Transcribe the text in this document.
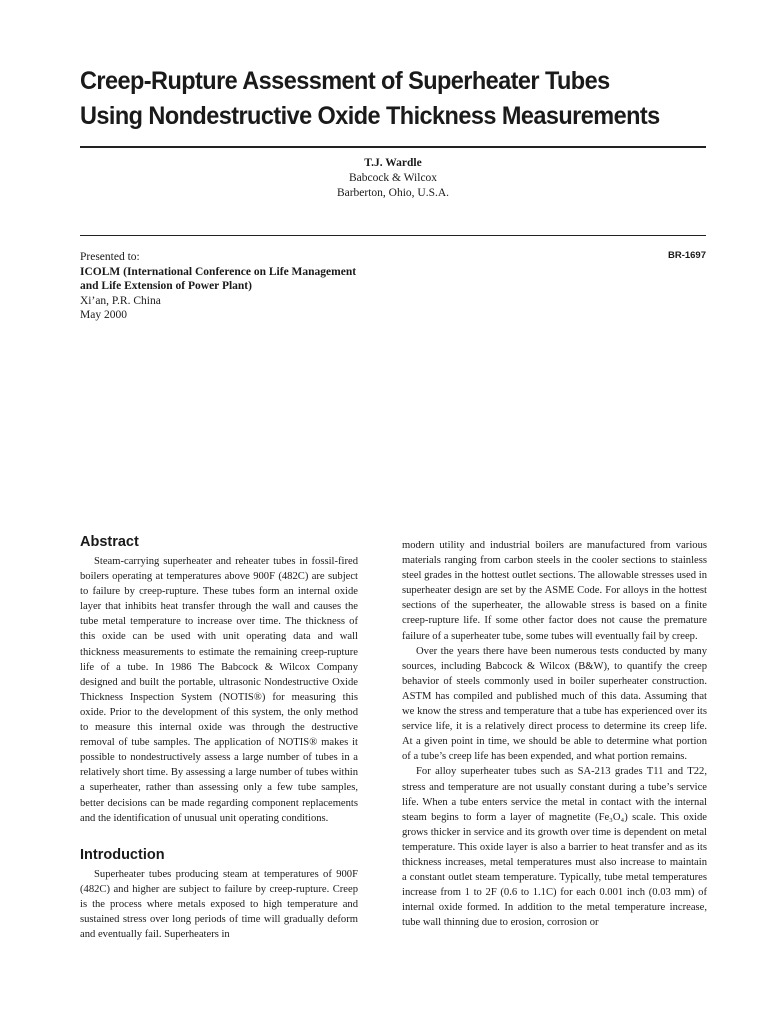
Creep-Rupture Assessment of Superheater Tubes
Using Nondestructive Oxide Thickness Measurements
T.J. Wardle
Babcock & Wilcox
Barberton, Ohio, U.S.A.
Presented to:
ICOLM (International Conference on Life Management
and Life Extension of Power Plant)
Xi’an, P.R. China
May 2000
BR-1697
Abstract

Steam-carrying superheater and reheater tubes in fossil-fired boilers operating at temperatures above 900F (482C) are subject to failure by creep-rupture. These tubes form an internal oxide layer that inhibits heat transfer through the wall and causes the tube metal temperature to increase over time. The thickness of this oxide can be used with unit operating data and wall thickness measurements to estimate the remaining creep-rupture life of a tube. In 1986 The Babcock & Wilcox Company designed and built the portable, ultrasonic Nondestructive Oxide Thickness Inspection System (NOTIS®) for measuring this oxide. Prior to the development of this system, the only method to measure this internal oxide was through the destructive removal of tube samples. The application of NOTIS® makes it possible to nondestructively assess a large number of tubes in a relatively short time. By assessing a large number of tubes within a superheater, rather than assessing only a few tube samples, better decisions can be made regarding component replacements and the identification of unusual unit operating conditions.

Introduction

Superheater tubes producing steam at temperatures of 900F (482C) and higher are subject to failure by creep-rupture. Creep is the process where metals exposed to high temperature and sustained stress over long periods of time will gradually deform and eventually fail. Superheaters in

modern utility and industrial boilers are manufactured from various materials ranging from carbon steels in the cooler sections to stainless steel grades in the hottest outlet sections. The allowable stresses used in superheater design are set by the ASME Code. For alloys in the hottest sections of the superheater, the allowable stress is based on a finite creep-rupture life. If some other factor does not cause the premature failure of a superheater tube, some tubes will eventually fail by creep.

Over the years there have been numerous tests conducted by many sources, including Babcock & Wilcox (B&W), to quantify the creep behavior of steels commonly used in boiler superheater construction. ASTM has compiled and published much of this data. Assuming that we know the stress and temperature that a tube has experienced over its service life, it is a relatively direct process to determine its creep life. At a given point in time, we should be able to determine what portion of a tube’s creep life has been expended, and what portion remains.

For alloy superheater tubes such as SA-213 grades T11 and T22, stress and temperature are not usually constant during a tube’s service life. When a tube enters service the metal in contact with the internal steam begins to form a layer of magnetite (Fe₃O₄) scale. This oxide grows thicker in service and its growth over time is dependent on metal temperature. This oxide layer is also a barrier to heat transfer and as its thickness increases, metal temperatures must also increase to maintain a constant outlet steam temperature. Typically, tube metal temperatures increase from 1 to 2F (0.6 to 1.1C) for each 0.001 inch (0.03 mm) of internal oxide formed. In addition to the metal temperature increase, tube wall thinning due to erosion, corrosion or
